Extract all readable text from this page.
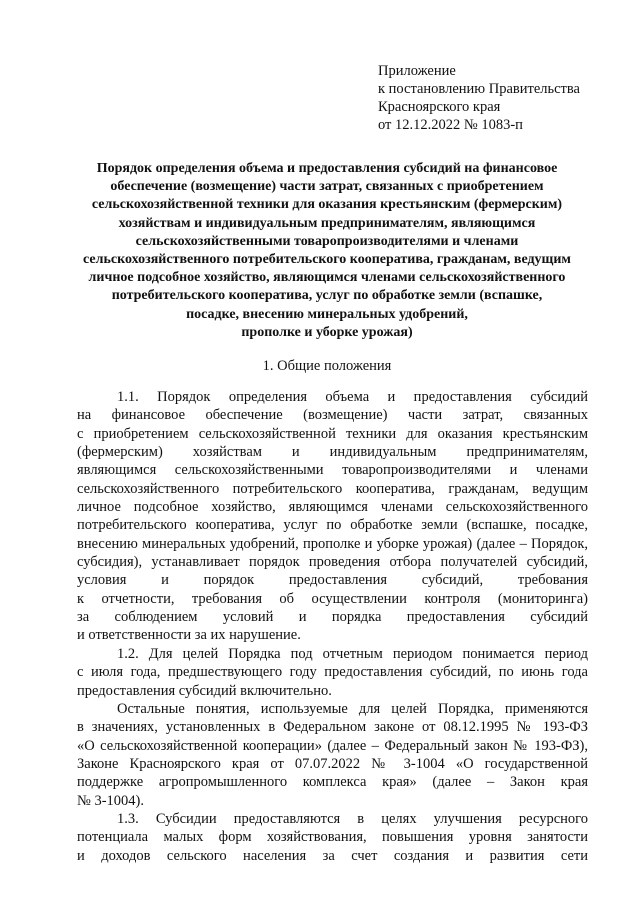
Приложение
к постановлению Правительства
Красноярского края
от 12.12.2022 № 1083-п
Порядок определения объема и предоставления субсидий на финансовое
обеспечение (возмещение) части затрат, связанных с приобретением
сельскохозяйственной техники для оказания крестьянским (фермерским)
хозяйствам и индивидуальным предпринимателям, являющимся
сельскохозяйственными товаропроизводителями и членами
сельскохозяйственного потребительского кооператива, гражданам, ведущим
личное подсобное хозяйство, являющимся членами сельскохозяйственного
потребительского кооператива, услуг по обработке земли (вспашке,
посадке, внесению минеральных удобрений,
прополке и уборке урожая)
1. Общие положения
1.1. Порядок определения объема и предоставления субсидий
на финансовое обеспечение (возмещение) части затрат, связанных
с приобретением сельскохозяйственной техники для оказания крестьянским
(фермерским) хозяйствам и индивидуальным предпринимателям,
являющимся сельскохозяйственными товаропроизводителями и членами
сельскохозяйственного потребительского кооператива, гражданам, ведущим
личное подсобное хозяйство, являющимся членами сельскохозяйственного
потребительского кооператива, услуг по обработке земли (вспашке, посадке,
внесению минеральных удобрений, прополке и уборке урожая) (далее – Порядок,
субсидия), устанавливает порядок проведения отбора получателей субсидий,
условия и порядок предоставления субсидий, требования
к отчетности, требования об осуществлении контроля (мониторинга)
за соблюдением условий и порядка предоставления субсидий
и ответственности за их нарушение.
1.2. Для целей Порядка под отчетным периодом понимается период
с июля года, предшествующего году предоставления субсидий, по июнь года
предоставления субсидий включительно.
Остальные понятия, используемые для целей Порядка, применяются
в значениях, установленных в Федеральном законе от 08.12.1995 № 193-ФЗ
«О сельскохозяйственной кооперации» (далее – Федеральный закон № 193-ФЗ),
Законе Красноярского края от 07.07.2022 № 3-1004 «О государственной
поддержке агропромышленного комплекса края» (далее – Закон края
№ 3-1004).
1.3. Субсидии предоставляются в целях улучшения ресурсного
потенциала малых форм хозяйствования, повышения уровня занятости
и доходов сельского населения за счет создания и развития сети
